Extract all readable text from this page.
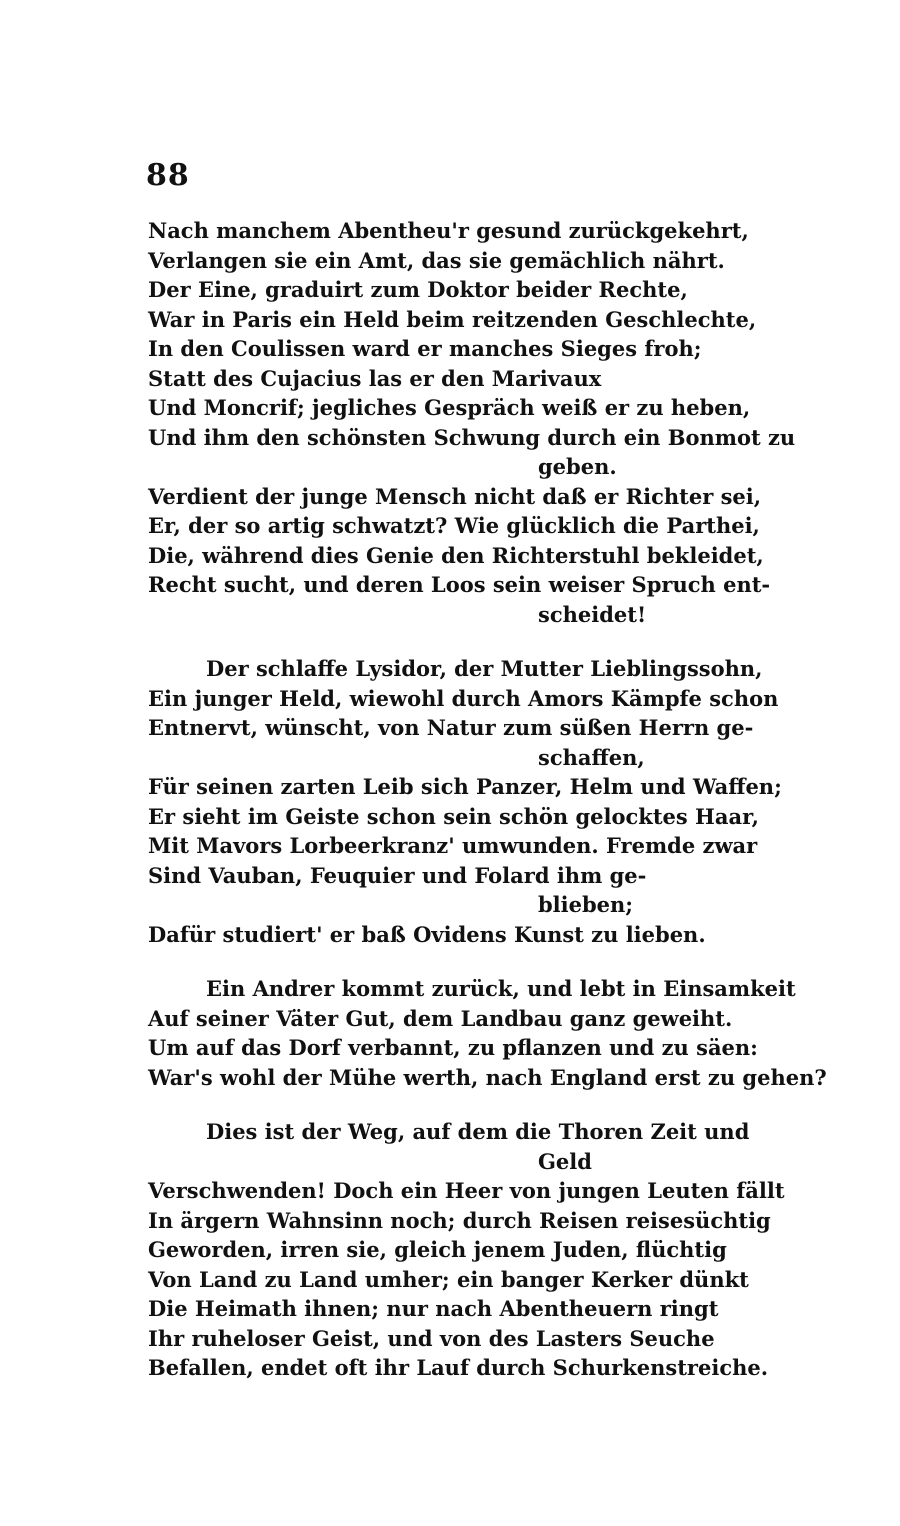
88
Nach manchem Abentheu'r gesund zurückgekehrt,
Verlangen sie ein Amt, das sie gemächlich nährt.
Der Eine, graduirt zum Doktor beider Rechte,
War in Paris ein Held beim reitzenden Geschlechte,
In den Coulissen ward er manches Sieges froh;
Statt des Cujacius las er den Marivaux
Und Moncrif; jegliches Gespräch weiß er zu heben,
Und ihm den schönsten Schwung durch ein Bonmot zu
geben.
Verdient der junge Mensch nicht daß er Richter sei,
Er, der so artig schwatzt? Wie glücklich die Parthei,
Die, während dies Genie den Richterstuhl bekleidet,
Recht sucht, und deren Loos sein weiser Spruch ent-
scheidet!
Der schlaffe Lysidor, der Mutter Lieblingssohn,
Ein junger Held, wiewohl durch Amors Kämpfe schon
Entnervt, wünscht, von Natur zum süßen Herrn ge-
schaffen,
Für seinen zarten Leib sich Panzer, Helm und Waffen;
Er sieht im Geiste schon sein schön gelocktes Haar,
Mit Mavors Lorbeerkranz' umwunden. Fremde zwar
Sind Vauban, Feuquier und Folard ihm ge-
blieben;
Dafür studiert' er baß Ovidens Kunst zu lieben.
Ein Andrer kommt zurück, und lebt in Einsamkeit
Auf seiner Väter Gut, dem Landbau ganz geweiht.
Um auf das Dorf verbannt, zu pflanzen und zu säen:
War's wohl der Mühe werth, nach England erst zu gehen?
Dies ist der Weg, auf dem die Thoren Zeit und
Geld
Verschwenden! Doch ein Heer von jungen Leuten fällt
In ärgern Wahnsinn noch; durch Reisen reisesüchtig
Geworden, irren sie, gleich jenem Juden, flüchtig
Von Land zu Land umher; ein banger Kerker dünkt
Die Heimath ihnen; nur nach Abentheuern ringt
Ihr ruheloser Geist, und von des Lasters Seuche
Befallen, endet oft ihr Lauf durch Schurkenstreiche.
